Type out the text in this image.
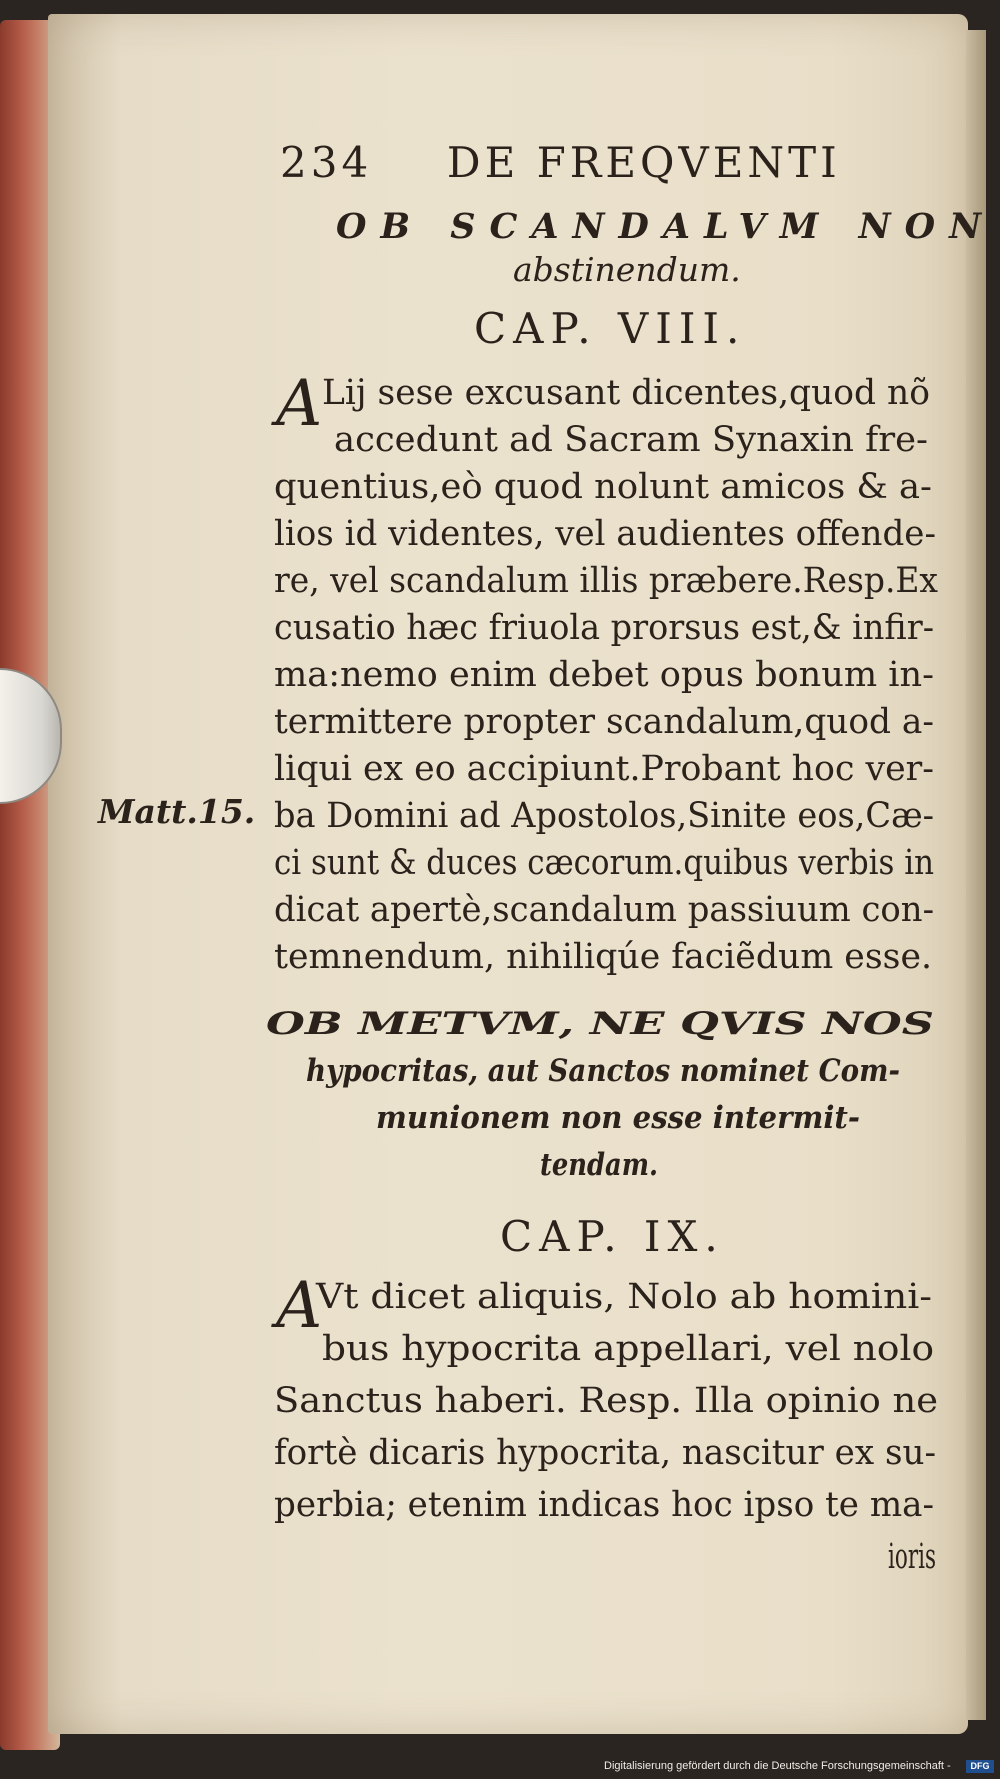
234 DE FREQVENTI
OB SCANDALVM NON
abstinendum.
CAP. VIII.
A Lij sese excusant dicentes,quod nõ
accedunt ad Sacram Synaxin fre-
quentius,eò quod nolunt amicos & a-
lios id videntes, vel audientes offende-
re, vel scandalum illis præbere.Resp.Ex
cusatio hæc friuola prorsus est,& infir-
ma:nemo enim debet opus bonum in-
termittere propter scandalum,quod a-
liqui ex eo accipiunt.Probant hoc ver-
ba Domini ad Apostolos,Sinite eos,Cæ-
ci sunt & duces cæcorum.quibus verbis in
dicat apertè,scandalum passiuum con-
temnendum, nihiliqúe faciẽdum esse.
Matt.15.
OB METVM, NE QVIS NOS
hypocritas, aut Sanctos nominet Com-
munionem non esse intermit-
tendam.
CAP. IX.
A
Vt dicet aliquis, Nolo ab homini-
bus hypocrita appellari, vel nolo
Sanctus haberi. Resp. Illa opinio ne
fortè dicaris hypocrita, nascitur ex su-
perbia; etenim indicas hoc ipso te ma-
ioris
Digitalisierung gefördert durch die Deutsche Forschungsgemeinschaft -	DFG
